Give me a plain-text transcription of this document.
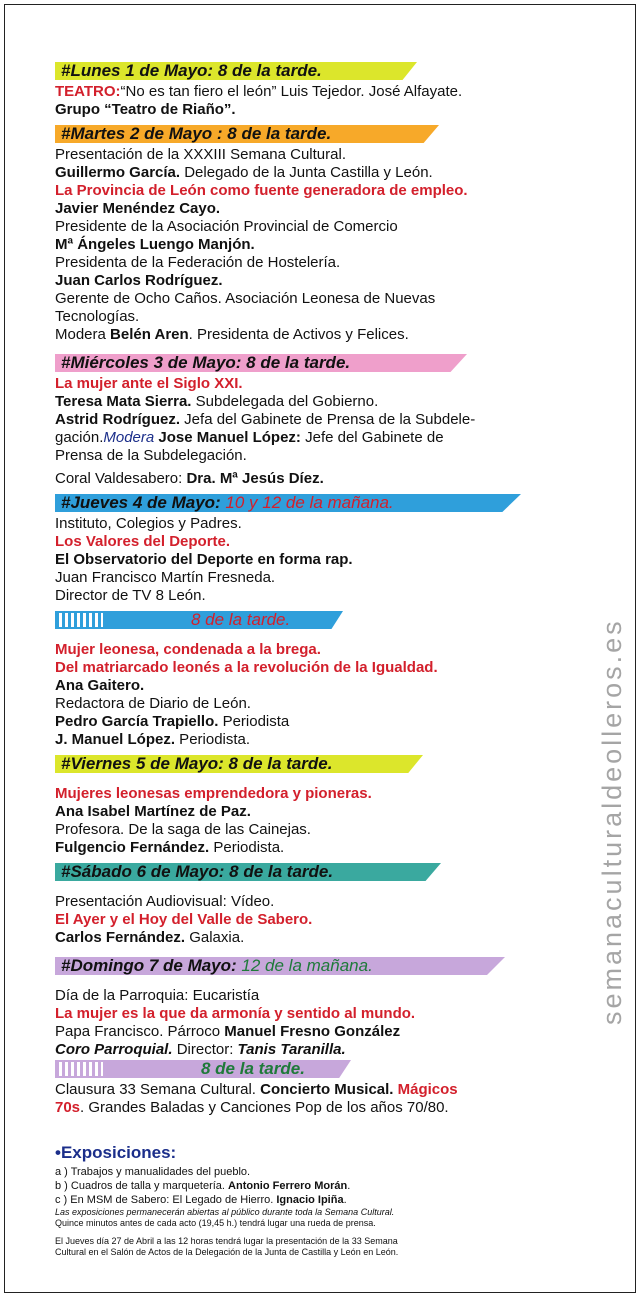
#Lunes 1 de Mayo: 8 de la tarde.
TEATRO:“No es tan fiero el león” Luis Tejedor. José Alfayate.
Grupo “Teatro de Riaño”.
#Martes 2 de Mayo : 8 de la tarde.
Presentación de la XXXIII Semana Cultural.
Guillermo García. Delegado de la Junta Castilla y León.
La Provincia de León como fuente generadora de empleo.
Javier Menéndez Cayo.
Presidente de la Asociación Provincial de Comercio
Mª Ángeles Luengo Manjón.
Presidenta de la Federación de Hostelería.
Juan Carlos Rodríguez.
Gerente de Ocho Caños. Asociación Leonesa de Nuevas
Tecnologías.
Modera Belén Aren. Presidenta de Activos y Felices.
#Miércoles 3 de Mayo: 8 de la tarde.
La mujer ante el Siglo XXI.
Teresa Mata Sierra. Subdelegada del Gobierno.
Astrid Rodríguez. Jefa del Gabinete de Prensa de la Subdele-
gación.Modera Jose Manuel López: Jefe del Gabinete de
Prensa de la Subdelegación.
Coral Valdesabero: Dra. Mª Jesús Díez.
#Jueves 4 de Mayo: 10 y 12 de la mañana.
Instituto, Colegios y Padres.
Los Valores del Deporte.
El Observatorio del Deporte en forma rap.
Juan Francisco Martín Fresneda.
Director de TV 8 León.
8 de la tarde.
Mujer leonesa, condenada a la brega.
Del matriarcado leonés a la revolución de la Igualdad.
Ana Gaitero.
Redactora de Diario de León.
Pedro García Trapiello. Periodista
J. Manuel López. Periodista.
#Viernes 5 de Mayo: 8 de la tarde.
Mujeres leonesas emprendedora y pioneras.
Ana Isabel Martínez de Paz.
Profesora. De la saga de las Cainejas.
Fulgencio Fernández. Periodista.
#Sábado 6 de Mayo: 8 de la tarde.
Presentación Audiovisual: Vídeo.
El Ayer y el Hoy del Valle de Sabero.
Carlos Fernández. Galaxia.
#Domingo 7 de Mayo: 12 de la mañana.
Día de la Parroquia: Eucaristía
La mujer es la que da armonía y sentido al mundo.
Papa Francisco. Párroco Manuel Fresno González
Coro Parroquial. Director: Tanis Taranilla.
8 de la tarde.
Clausura 33 Semana Cultural. Concierto Musical. Mágicos
70s. Grandes Baladas y Canciones Pop de los años 70/80.
•Exposiciones:
a ) Trabajos y manualidades del pueblo.
b ) Cuadros de talla y marquetería. Antonio Ferrero Morán.
c ) En MSM de Sabero: El Legado de Hierro. Ignacio Ipiña.
Las exposiciones permanecerán abiertas al público durante toda la Semana Cultural.
Quince minutos antes de cada acto (19,45 h.) tendrá lugar una rueda de prensa.
El Jueves día 27 de Abril a las 12 horas tendrá lugar la presentación de la 33 Semana
Cultural en el Salón de Actos de la Delegación de la Junta de Castilla y León en León.
semanaculturaldeolleros.es
